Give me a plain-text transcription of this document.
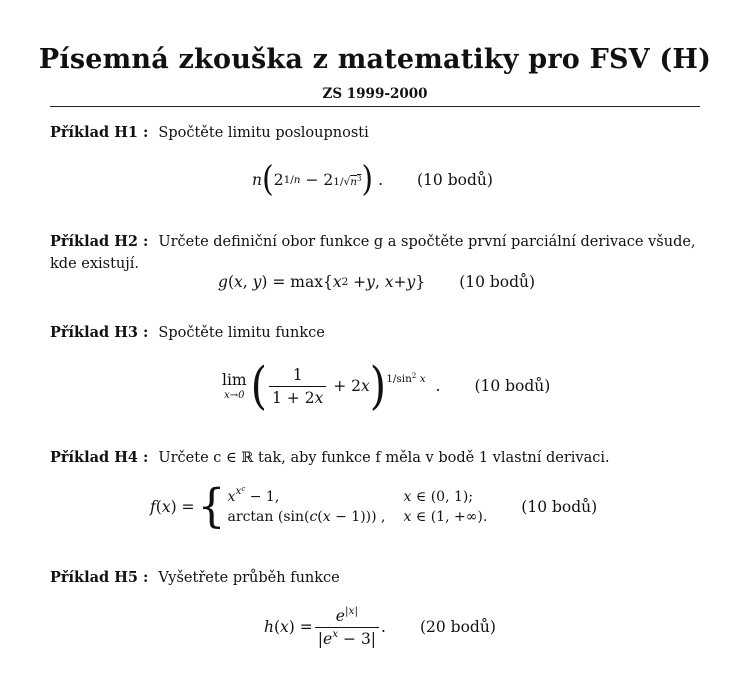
Písemná zkouška z matematiky pro FSV (H)
ZS 1999-2000
Příklad H1 : Spočtěte limitu posloupnosti
n ( 2 1/n − 2 $1/√n^3$ ) . (10 bodů)
Příklad H2 : Určete definiční obor funkce g a spočtěte první parciální derivace všude, kde existují.
g ( x , y ) = max{ x 2 + y , x + y } (10 bodů)
Příklad H3 : Spočtěte limitu funkce
lim
x→0 ( $\frac{1}{1 + 2x} + 2$ x ) $1/\sin^2$ x . (10 bodů)
Příklad H4 : Určete c ∈ ℝ tak, aby funkce f měla v bodě 1 vlastní derivaci.
f ( x ) = { $x^{x^c} - 1$,	x ∈ (0, 1);
arctan (sin(c(x − 1))) ,	x ∈ (1, +∞).
(10 bodů)
Příklad H5 : Vyšetřete průběh funkce
h ( x ) = $\frac{e^{|x|}}{|e^x - 3|}$ . (20 bodů)
